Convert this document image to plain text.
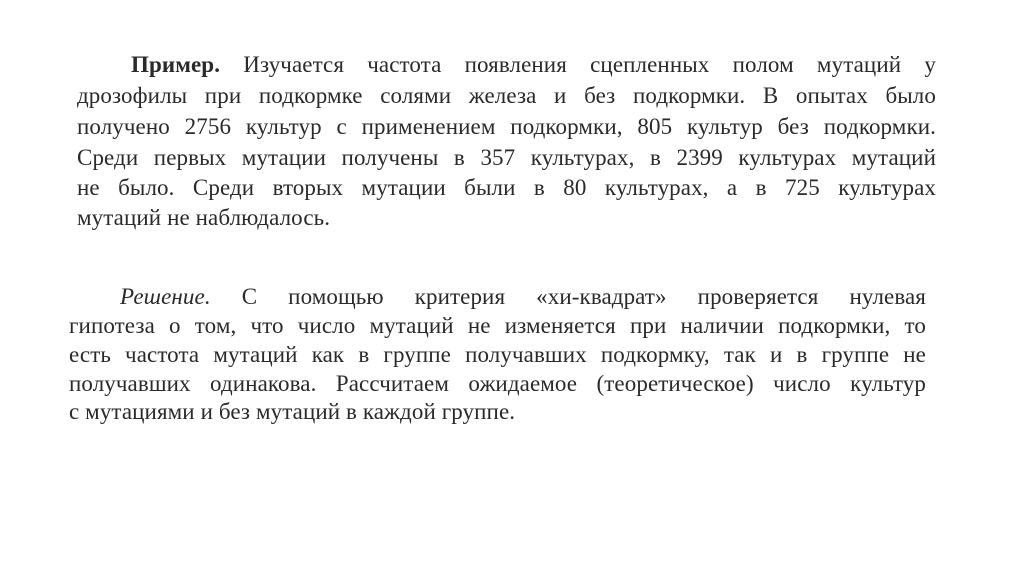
Пример. Изучается частота появления сцепленных полом мутаций у
дрозофилы при подкормке солями железа и без подкормки. В опытах было
получено 2756 культур с применением подкормки, 805 культур без подкормки.
Среди первых мутации получены в 357 культурах, в 2399 культурах мутаций
не было. Среди вторых мутации были в 80 культурах, а в 725 культурах
мутаций не наблюдалось.
Решение. С помощью критерия «хи-квадрат» проверяется нулевая
гипотеза о том, что число мутаций не изменяется при наличии подкормки, то
есть частота мутаций как в группе получавших подкормку, так и в группе не
получавших одинакова. Рассчитаем ожидаемое (теоретическое) число культур
с мутациями и без мутаций в каждой группе.
